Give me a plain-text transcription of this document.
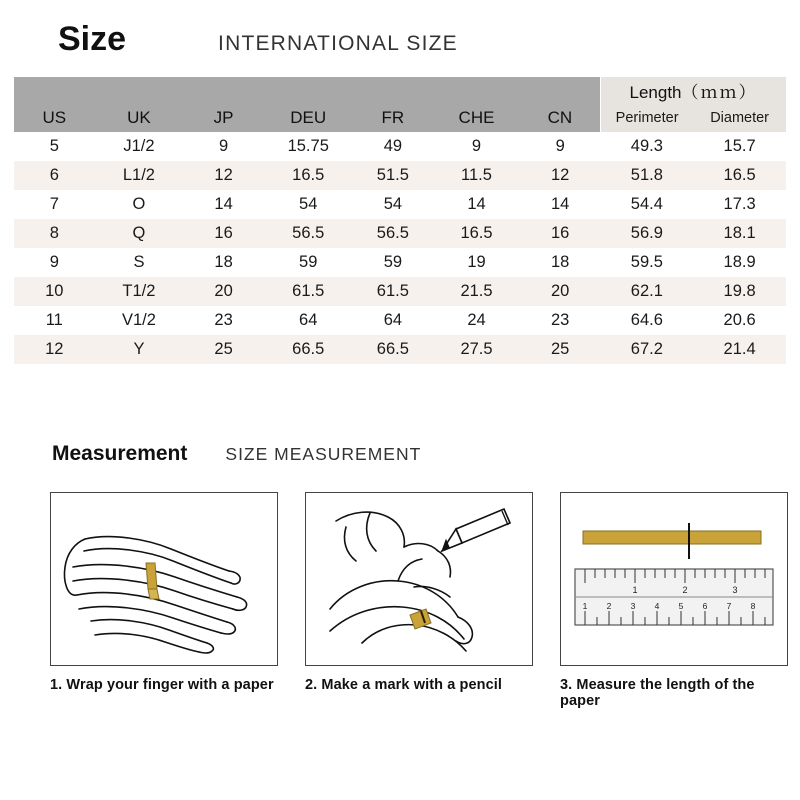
Size	INTERNATIONAL SIZE
							Length（ｍｍ）	
US	UK	JP	DEU	FR	CHE	CN	Perimeter	Diameter
5	J1/2	9	15.75	49	9	9	49.3	15.7
6	L1/2	12	16.5	51.5	11.5	12	51.8	16.5
7	O	14	54	54	14	14	54.4	17.3
8	Q	16	56.5	56.5	16.5	16	56.9	18.1
9	S	18	59	59	19	18	59.5	18.9
10	T1/2	20	61.5	61.5	21.5	20	62.1	19.8
11	V1/2	23	64	64	24	23	64.6	20.6
12	Y	25	66.5	66.5	27.5	25	67.2	21.4
Measurement SIZE MEASUREMENT
1. Wrap your finger with a paper 2. Make a mark with a pencil
1	2	3
1 2 3 4 5 6 7 8
3. Measure the length of the paper
